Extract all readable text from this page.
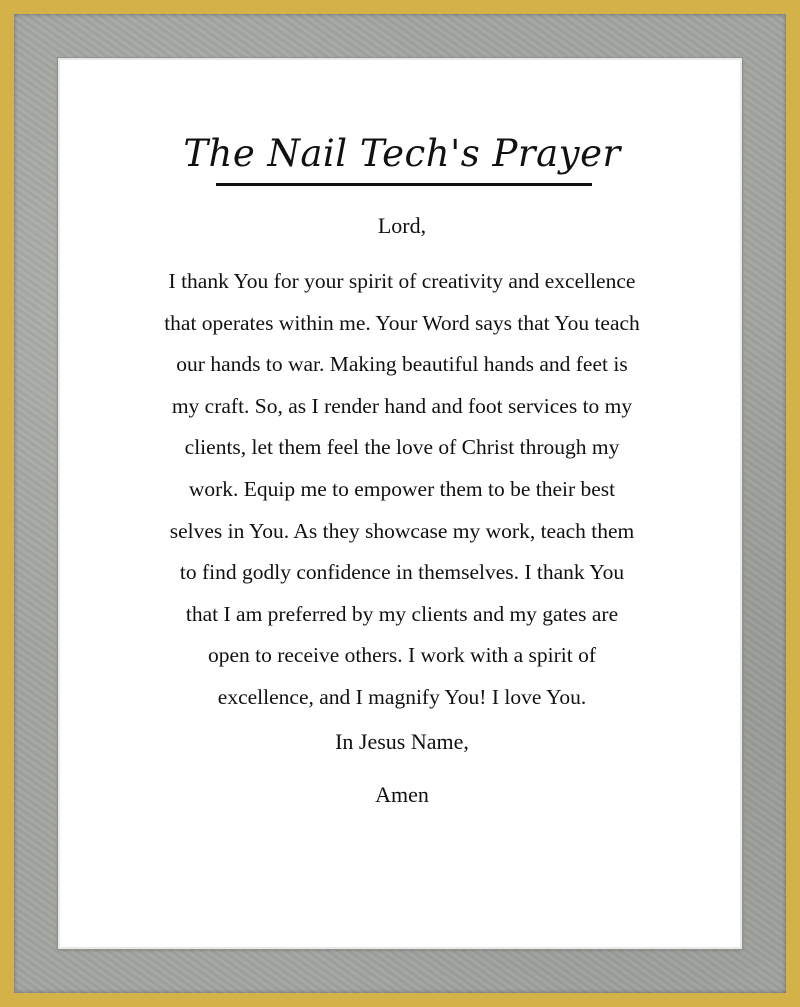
The Nail Tech's Prayer
Lord,
I thank You for your spirit of creativity and excellence
that operates within me. Your Word says that You teach
our hands to war. Making beautiful hands and feet is
my craft. So, as I render hand and foot services to my
clients, let them feel the love of Christ through my
work. Equip me to empower them to be their best
selves in You. As they showcase my work, teach them
to find godly confidence in themselves. I thank You
that I am preferred by my clients and my gates are
open to receive others. I work with a spirit of
excellence, and I magnify You! I love You.
In Jesus Name,
Amen
